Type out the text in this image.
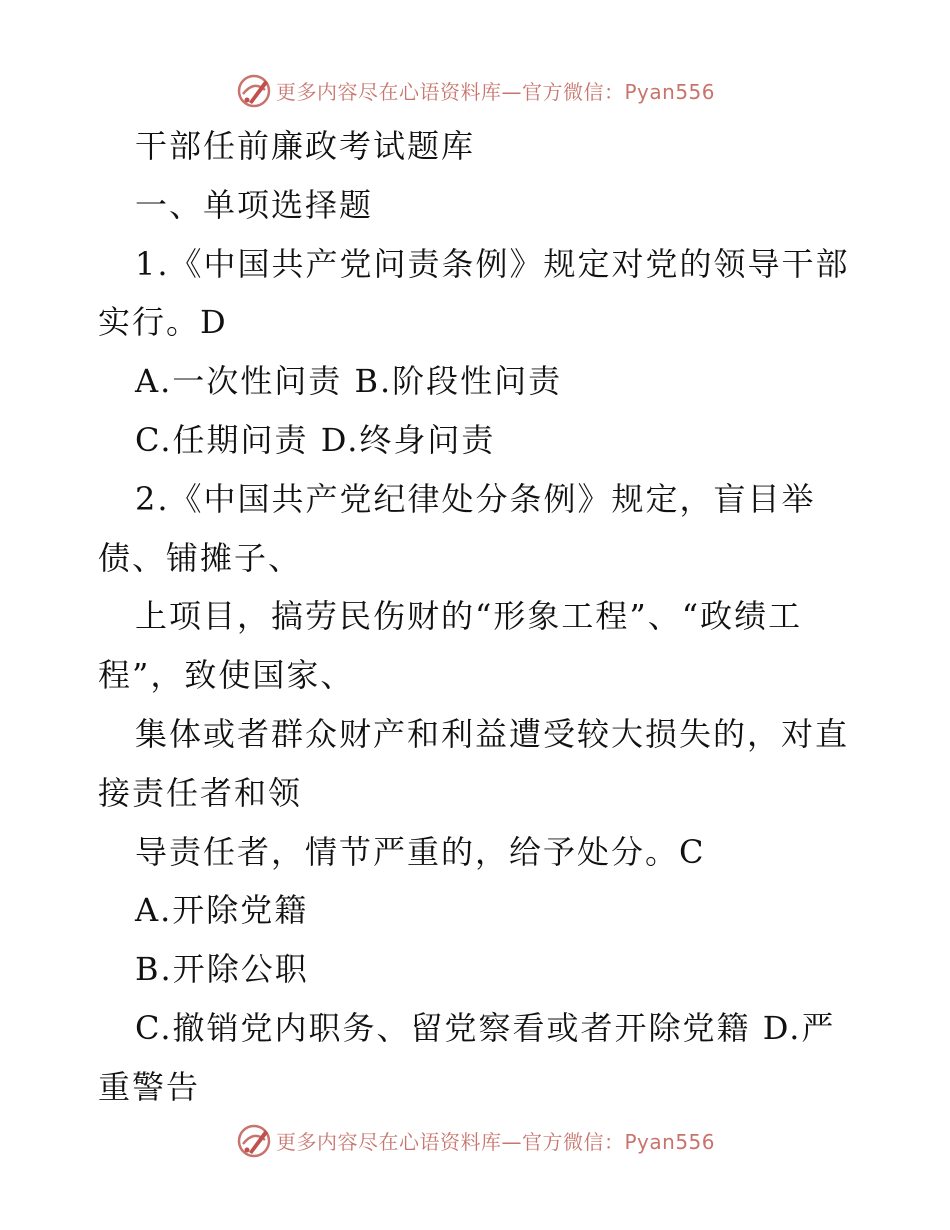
更多内容尽在心语资料库—官方微信：Pyan556
干部任前廉政考试题库
一、单项选择题
1.《中国共产党问责条例》规定对党的领导干部
实行。D
A.一次性问责 B.阶段性问责
C.任期问责 D.终身问责
2.《中国共产党纪律处分条例》规定，盲目举
债、铺摊子、
上项目，搞劳民伤财的“形象工程”、“政绩工
程”，致使国家、
集体或者群众财产和利益遭受较大损失的，对直
接责任者和领
导责任者，情节严重的，给予处分。C
A.开除党籍
B.开除公职
C.撤销党内职务、留党察看或者开除党籍 D.严
重警告
更多内容尽在心语资料库—官方微信：Pyan556
